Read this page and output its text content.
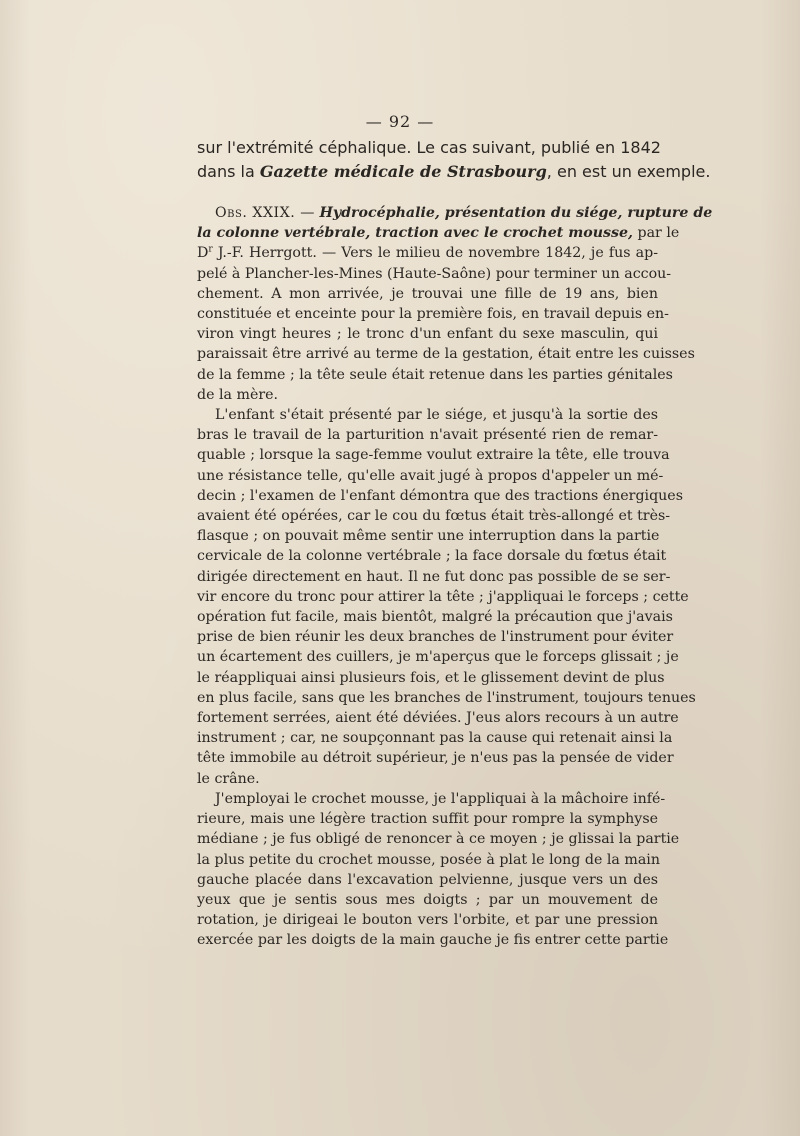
— 92 —
sur l'extrémité céphalique. Le cas suivant, publié en 1842
dans la Gazette médicale de Strasbourg, en est un exemple.
Obs. XXIX. — Hydrocéphalie, présentation du siége, rupture de
la colonne vertébrale, traction avec le crochet mousse, par le
$D^r$ J.-F. Herrgott. — Vers le milieu de novembre 1842, je fus ap-
pelé à Plancher-les-Mines (Haute-Saône) pour terminer un accou-
chement. A mon arrivée, je trouvai une fille de 19 ans, bien
constituée et enceinte pour la première fois, en travail depuis en-
viron vingt heures ; le tronc d'un enfant du sexe masculin, qui
paraissait être arrivé au terme de la gestation, était entre les cuisses
de la femme ; la tête seule était retenue dans les parties génitales
de la mère.
L'enfant s'était présenté par le siége, et jusqu'à la sortie des
bras le travail de la parturition n'avait présenté rien de remar-
quable ; lorsque la sage-femme voulut extraire la tête, elle trouva
une résistance telle, qu'elle avait jugé à propos d'appeler un mé-
decin ; l'examen de l'enfant démontra que des tractions énergiques
avaient été opérées, car le cou du fœtus était très-allongé et très-
flasque ; on pouvait même sentir une interruption dans la partie
cervicale de la colonne vertébrale ; la face dorsale du fœtus était
dirigée directement en haut. Il ne fut donc pas possible de se ser-
vir encore du tronc pour attirer la tête ; j'appliquai le forceps ; cette
opération fut facile, mais bientôt, malgré la précaution que j'avais
prise de bien réunir les deux branches de l'instrument pour éviter
un écartement des cuillers, je m'aperçus que le forceps glissait ; je
le réappliquai ainsi plusieurs fois, et le glissement devint de plus
en plus facile, sans que les branches de l'instrument, toujours tenues
fortement serrées, aient été déviées. J'eus alors recours à un autre
instrument ; car, ne soupçonnant pas la cause qui retenait ainsi la
tête immobile au détroit supérieur, je n'eus pas la pensée de vider
le crâne.
J'employai le crochet mousse, je l'appliquai à la mâchoire infé-
rieure, mais une légère traction suffit pour rompre la symphyse
médiane ; je fus obligé de renoncer à ce moyen ; je glissai la partie
la plus petite du crochet mousse, posée à plat le long de la main
gauche placée dans l'excavation pelvienne, jusque vers un des
yeux que je sentis sous mes doigts ; par un mouvement de
rotation, je dirigeai le bouton vers l'orbite, et par une pression
exercée par les doigts de la main gauche je fis entrer cette partie
